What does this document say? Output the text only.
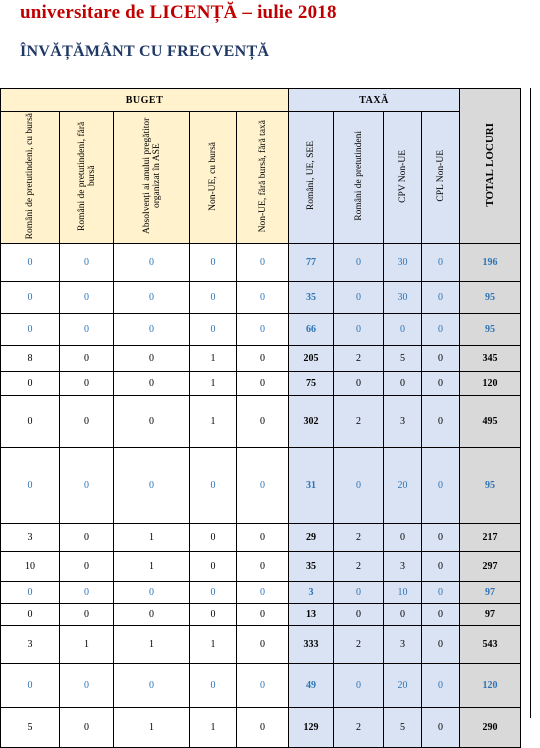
universitare de LICENȚĂ – iulie 2018
ÎNVĂȚĂMÂNT CU FRECVENȚĂ
BUGET					TAXĂ				TOTAL LOCURI
Români de pretutindeni, cu bursă	Români de pretutindeni, fără bursă	Absolvenți ai anului pregătitor organizat în ASE	Non-UE, cu bursă	Non-UE, fără bursă, fără taxă	Români, UE, SEE	Români de pretutindeni	CPV Non-UE	CPL Non-UE	
0	0	0	0	0	77	0	30	0	196
0	0	0	0	0	35	0	30	0	95
0	0	0	0	0	66	0	0	0	95
8	0	0	1	0	205	2	5	0	345
0	0	0	1	0	75	0	0	0	120
0	0	0	1	0	302	2	3	0	495
0	0	0	0	0	31	0	20	0	95
3	0	1	0	0	29	2	0	0	217
10	0	1	0	0	35	2	3	0	297
0	0	0	0	0	3	0	10	0	97
0	0	0	0	0	13	0	0	0	97
3	1	1	1	0	333	2	3	0	543
0	0	0	0	0	49	0	20	0	120
5	0	1	1	0	129	2	5	0	290
